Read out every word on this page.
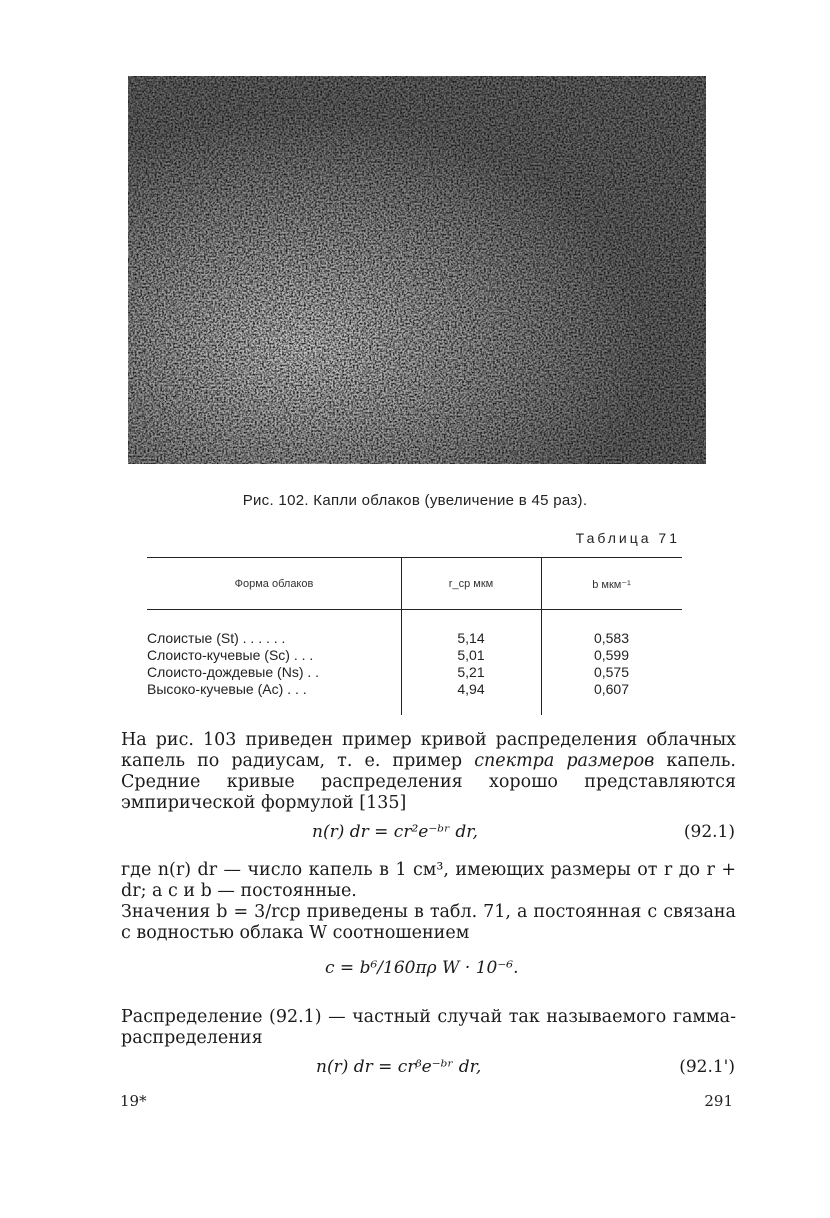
Рис. 102. Капли облаков (увеличение в 45 раз).
Таблица 71
Форма облаков	r_ср мкм	b мкм⁻¹
Слоистые (St) . . . . . .	5,14	0,583
Слоисто-кучевые (Sc) . . .	5,01	0,599
Слоисто-дождевые (Ns) . .	5,21	0,575
Высоко-кучевые (Ac) . . .	4,94	0,607
На рис. 103 приведен пример кривой распределения облачных капель по радиусам, т. е. пример спектра размеров капель. Средние кривые распределения хорошо представляются эмпирической формулой [135]
n(r) dr = cr²e⁻ᵇʳ dr,	(92.1)
где n(r) dr — число капель в 1 см³, имеющих размеры от r до r + dr; а c и b — постоянные.
Значения b = 3/rср приведены в табл. 71, а постоянная c связана с водностью облака W соотношением
c = b⁶/160πρ W · 10⁻⁶.
Распределение (92.1) — частный случай так называемого гамма-распределения
n(r) dr = crᵝe⁻ᵇʳ dr,	(92.1')
19*	291
